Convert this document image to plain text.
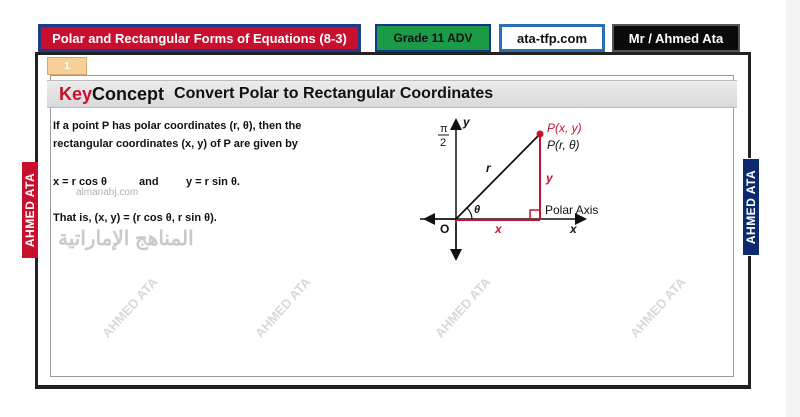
Polar and Rectangular Forms of Equations (8-3)	Grade 11 ADV	ata-tfp.com	Mr / Ahmed Ata
1
Key Concept Convert Polar to Rectangular Coordinates
If a point P has polar coordinates (r, θ), then the
rectangular coordinates (x, y) of P are given by
x = r cos θ	and y = r sin θ.
That is, (x, y) = (r cos θ, r sin θ).
almanahj.com
المناهج الإماراتية
AHMED ATA	AHMED ATA	AHMED ATA	AHMED ATA
P(x, y)
P(r, θ)
r
y
θ
O	x	x
y
Polar Axis
π
2
AHMED ATA	AHMED ATA
